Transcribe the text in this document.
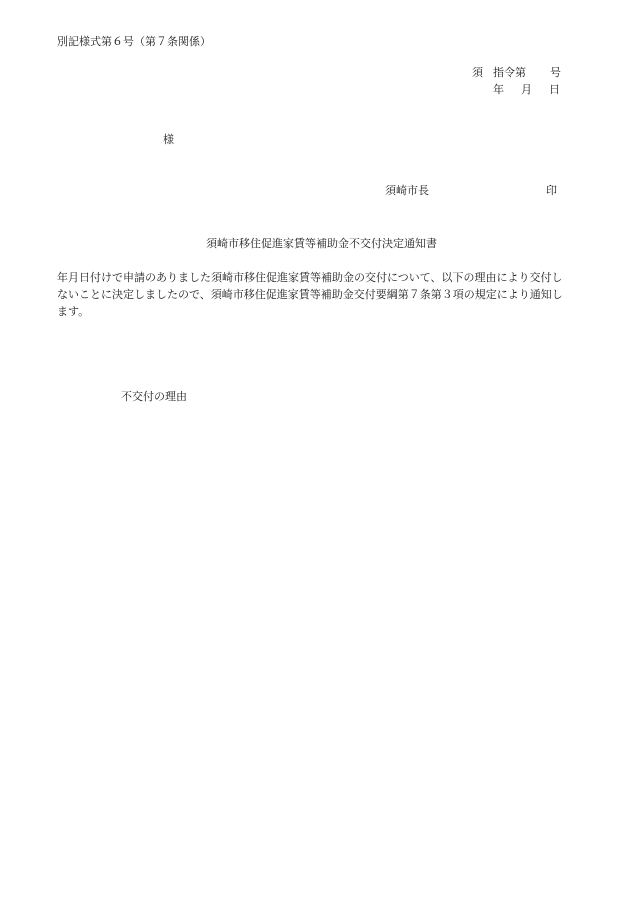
別記様式第６号（第７条関係）
須 指令第 号
年 月 日
様
須崎市長	印
須崎市移住促進家賃等補助金不交付決定通知書
年月日付けで申請のありました須崎市移住促進家賃等補助金の交付について、以下の理由により交付しないことに決定しましたので、須崎市移住促進家賃等補助金交付要綱第７条第３項の規定により通知します。
不交付の理由
